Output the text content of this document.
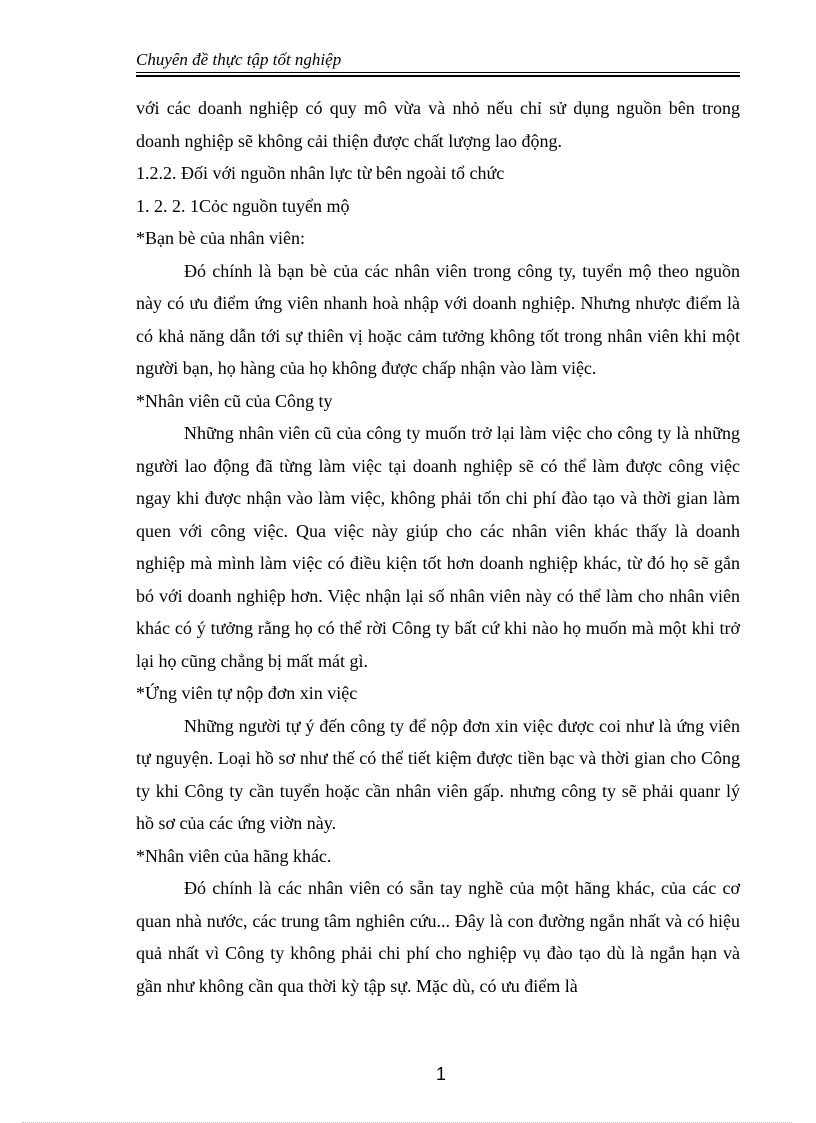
Chuyên đề thực tập tốt nghiệp

với các doanh nghiệp có quy mô vừa và nhỏ nếu chỉ sử dụng nguồn bên trong doanh nghiệp sẽ không cải thiện được chất lượng lao động.

1.2.2. Đối với nguồn nhân lực từ bên ngoài tổ chức

1. 2. 2. 1Cỏc nguồn tuyển mộ

*Bạn bè của nhân viên:

Đó chính là bạn bè của các nhân viên trong công ty, tuyển mộ theo nguồn này có ưu điểm ứng viên nhanh hoà nhập với doanh nghiệp. Nhưng nhược điểm là có khả năng dẫn tới sự thiên vị hoặc cảm tưởng không tốt trong nhân viên khi một người bạn, họ hàng của họ không được chấp nhận vào làm việc.

*Nhân viên cũ của Công ty

Những nhân viên cũ của công ty muốn trở lại làm việc cho công ty là những người lao động đã từng làm việc tại doanh nghiệp sẽ có thể làm được công việc ngay khi được nhận vào làm việc, không phải tốn chi phí đào tạo và thời gian làm quen với công việc. Qua việc này giúp cho các nhân viên khác thấy là doanh nghiệp mà mình làm việc có điều kiện tốt hơn doanh nghiệp khác, từ đó họ sẽ gắn bó với doanh nghiệp hơn. Việc nhận lại số nhân viên này có thể làm cho nhân viên khác có ý tưởng rằng họ có thể rời Công ty bất cứ khi nào họ muốn mà một khi trở lại họ cũng chẳng bị mất mát gì.

*Ứng viên tự nộp đơn xin việc

Những người tự ý đến công ty để nộp đơn xin việc được coi như là ứng viên tự nguyện. Loại hồ sơ như thế có thể tiết kiệm được tiền bạc và thời gian cho Công ty khi Công ty cần tuyển hoặc cần nhân viên gấp. nhưng công ty sẽ phải quanr lý hồ sơ của các ứng viờn này.

*Nhân viên của hãng khác.

Đó chính là các nhân viên có sẵn tay nghề của một hãng khác, của các cơ quan nhà nước, các trung tâm nghiên cứu... Đây là con đường ngắn nhất và có hiệu quả nhất vì Công ty không phải chi phí cho nghiệp vụ đào tạo dù là ngắn hạn và gần như không cần qua thời kỳ tập sự. Mặc dù, có ưu điểm là

1
